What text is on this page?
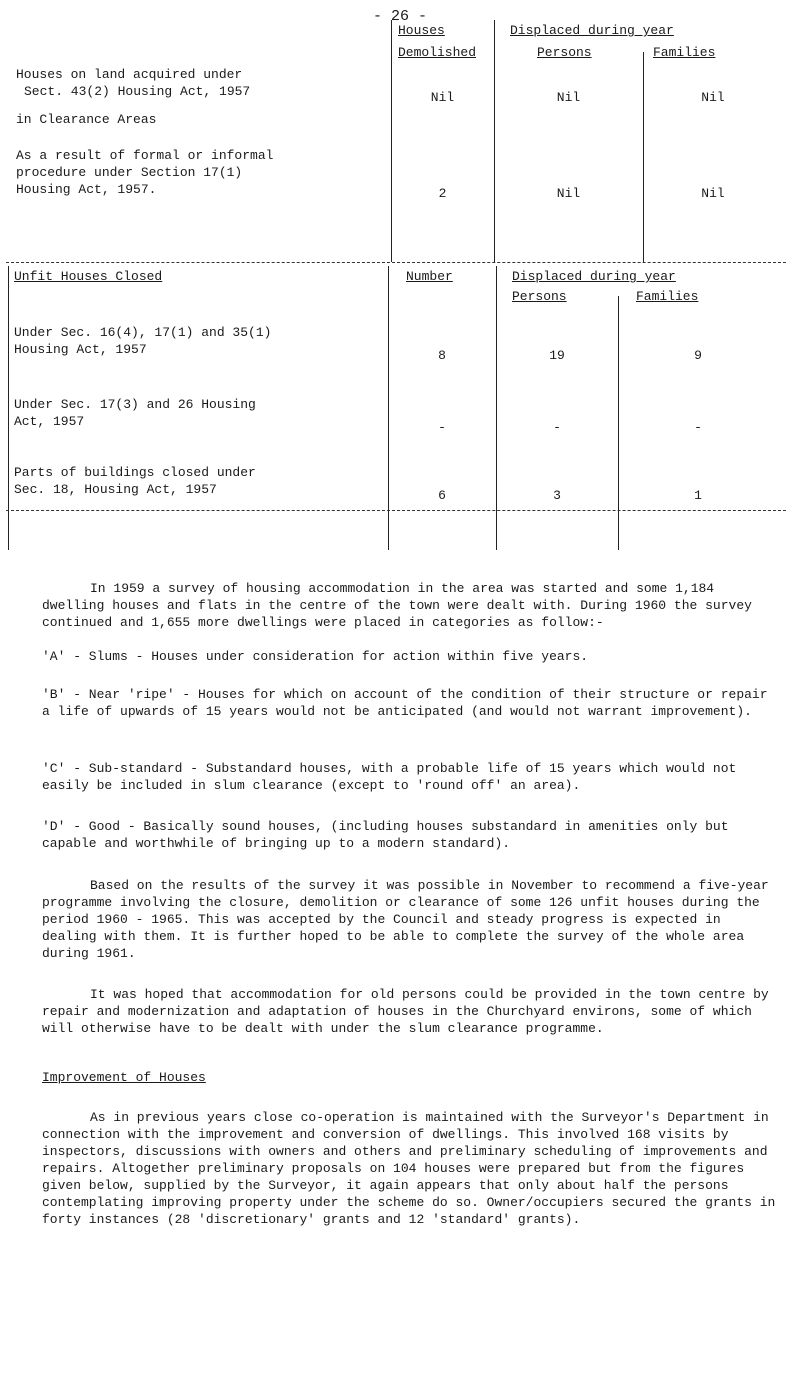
- 26 -
Houses
Demolished
Displaced during year
Persons	Families
Houses on land acquired under
Sect. 43(2) Housing Act, 1957
in Clearance Areas
Nil	Nil	Nil
As a result of formal or informal
procedure under Section 17(1)
Housing Act, 1957.	2	Nil	Nil
Unfit Houses Closed	Number	Displaced during year
Persons	Families
Under Sec. 16(4), 17(1) and 35(1)
Housing Act, 1957	8	19	9
Under Sec. 17(3) and 26 Housing
Act, 1957	-	-	-
Parts of buildings closed under
Sec. 18, Housing Act, 1957	6	3	1

In 1959 a survey of housing accommodation in the area was started and some 1,184 dwelling houses and flats in the centre of the town were dealt with. During 1960 the survey continued and 1,655 more dwellings were placed in categories as follow:-

'A' - Slums - Houses under consideration for action within five years.

'B' - Near 'ripe' - Houses for which on account of the condition of their structure or repair a life of upwards of 15 years would not be anticipated (and would not warrant improvement).

'C' - Sub-standard - Substandard houses, with a probable life of 15 years which would not easily be included in slum clearance (except to 'round off' an area).

'D' - Good - Basically sound houses, (including houses substandard in amenities only but capable and worthwhile of bringing up to a modern standard).

Based on the results of the survey it was possible in November to recommend a five-year programme involving the closure, demolition or clearance of some 126 unfit houses during the period 1960 - 1965. This was accepted by the Council and steady progress is expected in dealing with them. It is further hoped to be able to complete the survey of the whole area during 1961.

It was hoped that accommodation for old persons could be provided in the town centre by repair and modernization and adaptation of houses in the Churchyard environs, some of which will otherwise have to be dealt with under the slum clearance programme.

Improvement of Houses

As in previous years close co-operation is maintained with the Surveyor's Department in connection with the improvement and conversion of dwellings. This involved 168 visits by inspectors, discussions with owners and others and preliminary scheduling of improvements and repairs. Altogether preliminary proposals on 104 houses were prepared but from the figures given below, supplied by the Surveyor, it again appears that only about half the persons contemplating improving property under the scheme do so. Owner/occupiers secured the grants in forty instances (28 'discretionary' grants and 12 'standard' grants).
